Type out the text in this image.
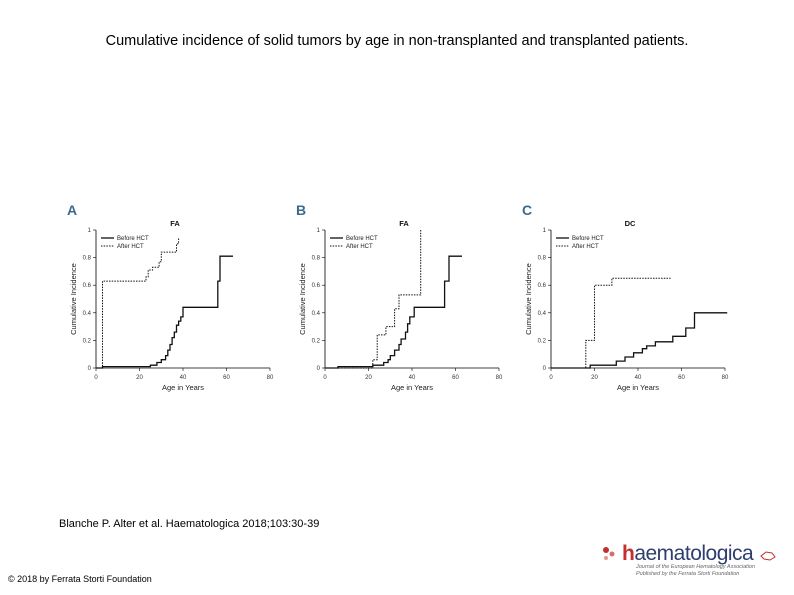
Cumulative incidence of solid tumors by age in non-transplanted and transplanted patients.
A
FA
0
0.2
0.4
0.6
0.8
1
0	20	40	60	80
Age in Years
Cumulative Incidence
Before HCT
After HCT
B
FA
0
0.2
0.4
0.6
0.8
1
0	20	40	60	80
Age in Years
Cumulative Incidence
Before HCT
After HCT
C
DC
0
0.2
0.4
0.6
0.8
1
0	20	40	60	80
Age in Years
Cumulative Incidence
Before HCT
After HCT
Blanche P. Alter et al. Haematologica 2018;103:30-39
© 2018 by Ferrata Storti Foundation
haematologica
Journal of the European Hematology Association
Published by the Ferrata Storti Foundation
